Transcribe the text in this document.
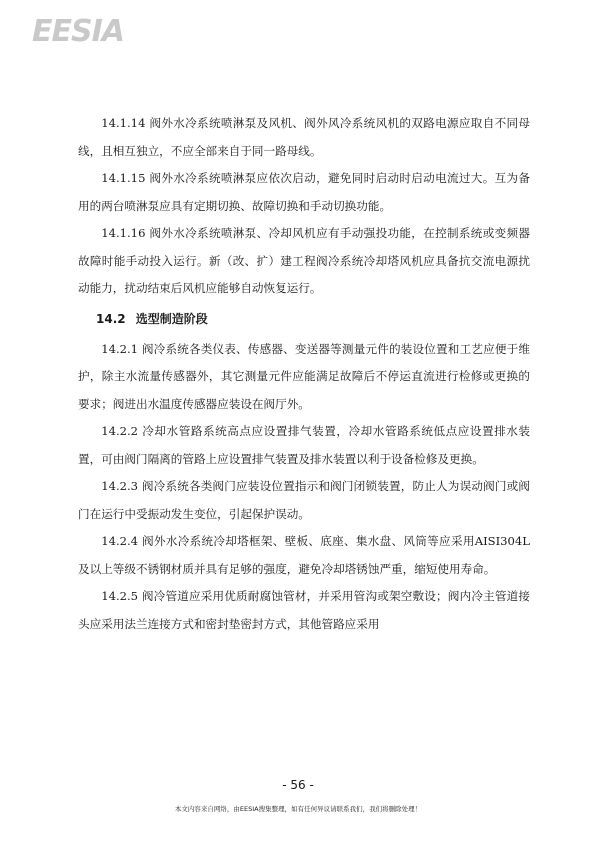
EESIA

14.1.14 阀外水冷系统喷淋泵及风机、阀外风冷系统风机的双路电源应取自不同母线，且相互独立，不应全部来自于同一路母线。

14.1.15 阀外水冷系统喷淋泵应依次启动，避免同时启动时启动电流过大。互为备用的两台喷淋泵应具有定期切换、故障切换和手动切换功能。

14.1.16 阀外水冷系统喷淋泵、冷却风机应有手动强投功能，在控制系统或变频器故障时能手动投入运行。新（改、扩）建工程阀冷系统冷却塔风机应具备抗交流电源扰动能力，扰动结束后风机应能够自动恢复运行。

14.2 选型制造阶段

14.2.1 阀冷系统各类仪表、传感器、变送器等测量元件的装设位置和工艺应便于维护，除主水流量传感器外，其它测量元件应能满足故障后不停运直流进行检修或更换的要求；阀进出水温度传感器应装设在阀厅外。

14.2.2 冷却水管路系统高点应设置排气装置，冷却水管路系统低点应设置排水装置，可由阀门隔离的管路上应设置排气装置及排水装置以利于设备检修及更换。

14.2.3 阀冷系统各类阀门应装设位置指示和阀门闭锁装置，防止人为误动阀门或阀门在运行中受振动发生变位，引起保护误动。

14.2.4 阀外水冷系统冷却塔框架、壁板、底座、集水盘、风筒等应采用AISI304L及以上等级不锈钢材质并具有足够的强度，避免冷却塔锈蚀严重，缩短使用寿命。

14.2.5 阀冷管道应采用优质耐腐蚀管材，并采用管沟或架空敷设；阀内冷主管道接头应采用法兰连接方式和密封垫密封方式，其他管路应采用

- 56 -
本文内容来自网络，由EESIA搜集整理，如有任何异议请联系我们，我们将删除处理！
